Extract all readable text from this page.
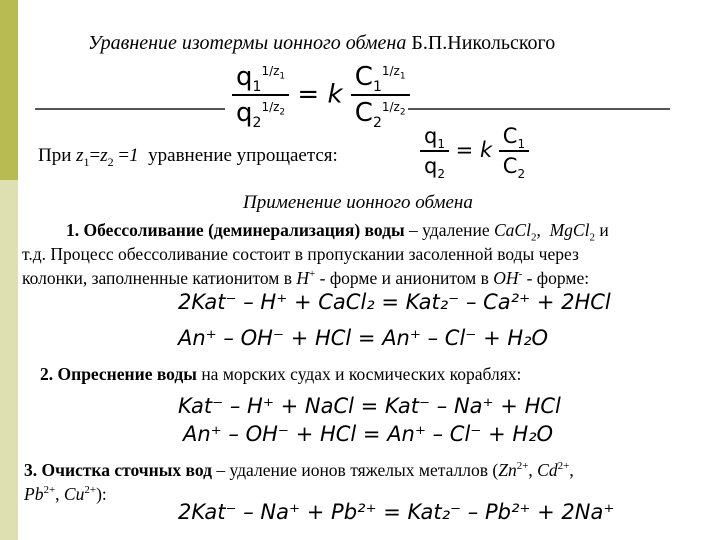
Уравнение изотермы ионного обмена Б.П.Никольского
$\frac{q_1^{1/z_1}}{q_2^{1/z_2}} = k \frac{C_1^{1/z_1}}{C_2^{1/z_2}}$
При $z_1=z_2 =1$  уравнение упрощается:	$\frac{q_1}{q_2} = k \frac{C_1}{C_2}$
Применение ионного обмена
1. Обессоливание (деминерализация) воды – удаление CaCl$_2$,  MgCl$_2$ и
т.д. Процесс обессоливание состоит в пропускании засоленной воды через
колонки, заполненные катионитом в H+ - форме и анионитом в OH- - форме:
2Kat⁻ – H⁺ + CaCl₂ = Kat₂⁻ – Ca²⁺ + 2HCl
An⁺ – OH⁻ + HCl = An⁺ – Cl⁻ + H₂O
2. Опреснение воды на морских судах и космических кораблях:
Kat⁻ – H⁺ + NaCl = Kat⁻ – Na⁺ + HCl
An⁺ – OH⁻ + HCl = An⁺ – Cl⁻ + H₂O
3. Очистка сточных вод – удаление ионов тяжелых металлов ($Zn^{2+}$, $Cd^{2+}$,
$Pb^{2+}$, $Cu^{2+}$):
2Kat⁻ – Na⁺ + Pb²⁺ = Kat₂⁻ – Pb²⁺ + 2Na⁺
